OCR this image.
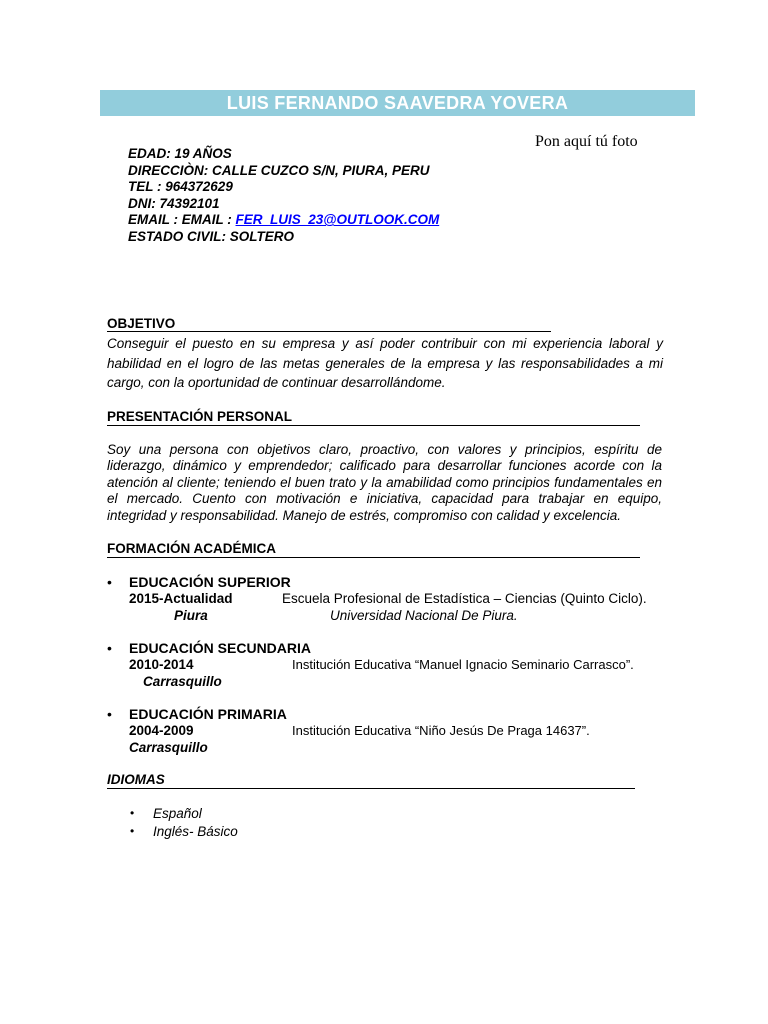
LUIS FERNANDO SAAVEDRA YOVERA
Pon aquí tú foto
EDAD: 19 AÑOS
DIRECCIÒN: CALLE CUZCO S/N, PIURA, PERU
TEL : 964372629
DNI: 74392101
EMAIL : EMAIL : FER_LUIS_23@OUTLOOK.COM
ESTADO CIVIL: SOLTERO
OBJETIVO
Conseguir el puesto en su empresa y así poder contribuir con mi experiencia laboral y habilidad en el logro de las metas generales de la empresa y las responsabilidades a mi cargo, con la oportunidad de continuar desarrollándome.
PRESENTACIÓN PERSONAL
Soy una persona con objetivos claro, proactivo, con valores y principios, espíritu de liderazgo, dinámico y emprendedor; calificado para desarrollar funciones acorde con la atención al cliente; teniendo el buen trato y la amabilidad como principios fundamentales en el mercado. Cuento con motivación e iniciativa, capacidad para trabajar en equipo, integridad y responsabilidad. Manejo de estrés, compromiso con calidad y excelencia.
FORMACIÓN ACADÉMICA
• EDUCACIÓN SUPERIOR
2015-Actualidad	Escuela Profesional de Estadística – Ciencias (Quinto Ciclo).
Piura	Universidad Nacional De Piura.
• EDUCACIÓN SECUNDARIA
2010-2014	Institución Educativa “Manuel Ignacio Seminario Carrasco”.
Carrasquillo
• EDUCACIÓN PRIMARIA
2004-2009	Institución Educativa “Niño Jesús De Praga 14637”.
Carrasquillo
IDIOMAS
• Español
• Inglés- Básico
